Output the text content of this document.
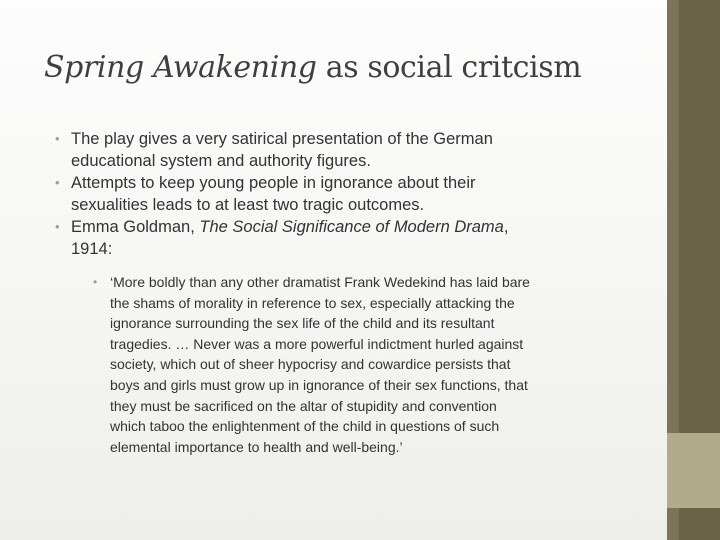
Spring Awakening as social critcism
• The play gives a very satirical presentation of the German
educational system and authority figures.
• Attempts to keep young people in ignorance about their
sexualities leads to at least two tragic outcomes.
• Emma Goldman, The Social Significance of Modern Drama,
1914:
• ‘More boldly than any other dramatist Frank Wedekind has laid bare
the shams of morality in reference to sex, especially attacking the
ignorance surrounding the sex life of the child and its resultant
tragedies. … Never was a more powerful indictment hurled against
society, which out of sheer hypocrisy and cowardice persists that
boys and girls must grow up in ignorance of their sex functions, that
they must be sacrificed on the altar of stupidity and convention
which taboo the enlightenment of the child in questions of such
elemental importance to health and well-being.’
